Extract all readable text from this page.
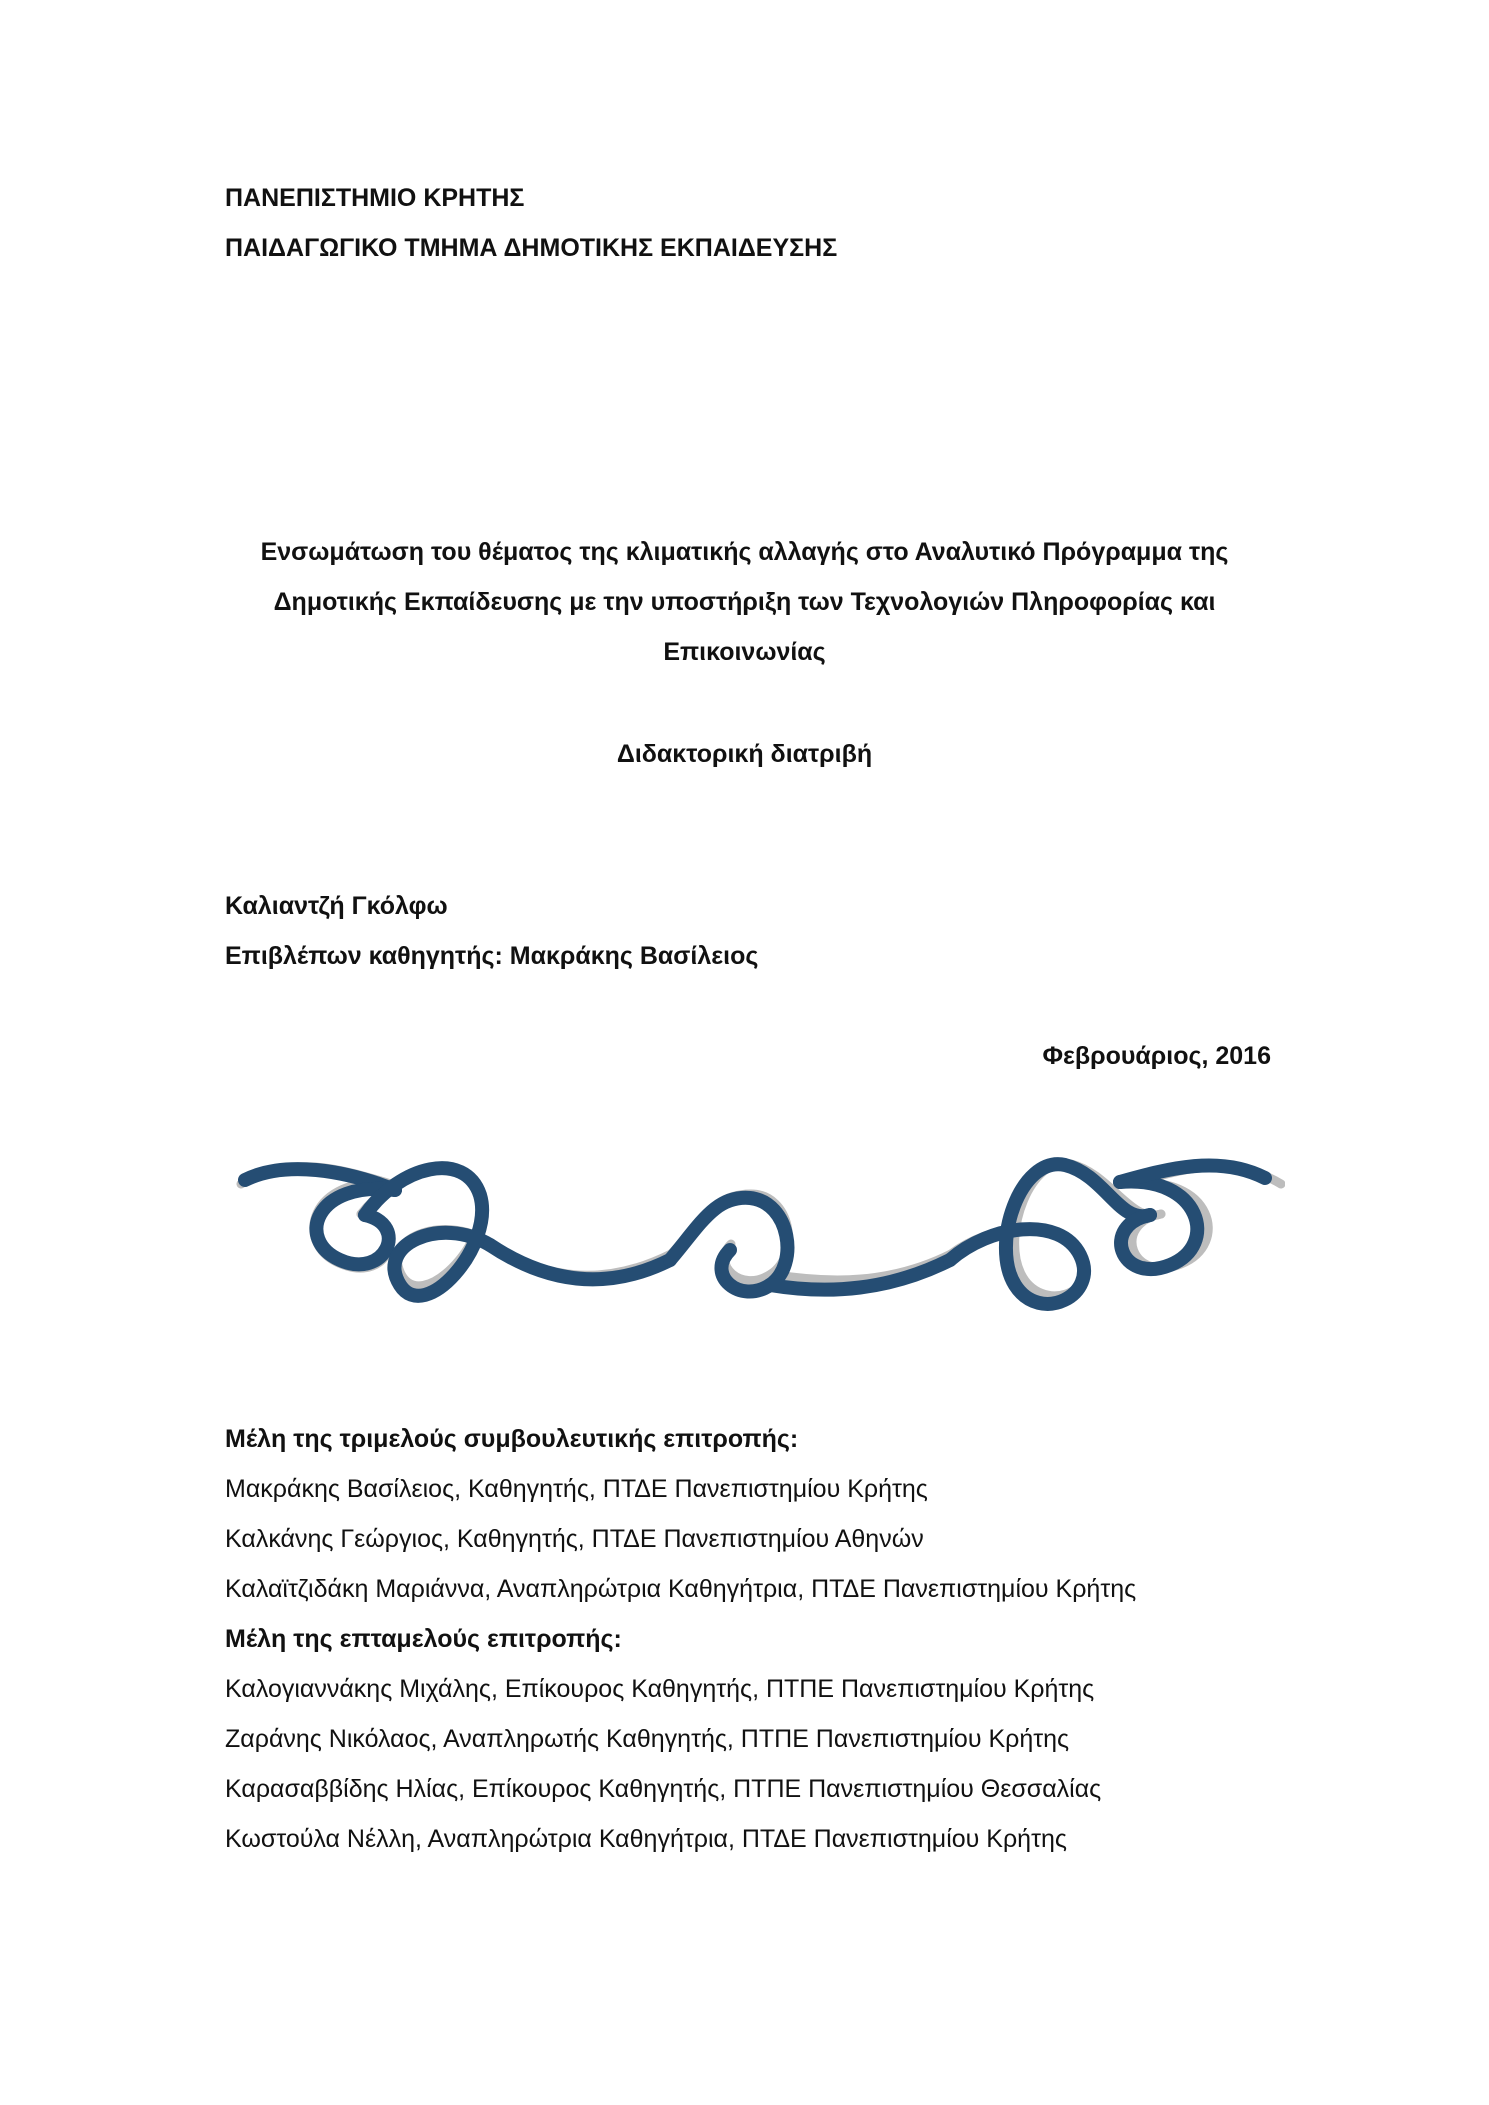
ΠΑΝΕΠΙΣΤΗΜΙΟ ΚΡΗΤΗΣ

ΠΑΙΔΑΓΩΓΙΚΟ ΤΜΗΜΑ ΔΗΜΟΤΙΚΗΣ ΕΚΠΑΙΔΕΥΣΗΣ

Ενσωμάτωση του θέματος της κλιματικής αλλαγής στο Αναλυτικό Πρόγραμμα της

Δημοτικής Εκπαίδευσης με την υποστήριξη των Τεχνολογιών Πληροφορίας και

Επικοινωνίας

Διδακτορική διατριβή

Καλιαντζή Γκόλφω

Επιβλέπων καθηγητής: Μακράκης Βασίλειος

Φεβρουάριος, 2016

Μέλη της τριμελούς συμβουλευτικής επιτροπής:

Μακράκης Βασίλειος, Καθηγητής, ΠΤΔΕ Πανεπιστημίου Κρήτης

Καλκάνης Γεώργιος, Καθηγητής, ΠΤΔΕ Πανεπιστημίου Αθηνών

Καλαϊτζιδάκη Μαριάννα, Αναπληρώτρια Καθηγήτρια, ΠΤΔΕ Πανεπιστημίου Κρήτης

Μέλη της επταμελούς επιτροπής:

Καλογιαννάκης Μιχάλης, Επίκουρος Καθηγητής, ΠΤΠΕ Πανεπιστημίου Κρήτης

Ζαράνης Νικόλαος, Αναπληρωτής Καθηγητής, ΠΤΠΕ Πανεπιστημίου Κρήτης

Καρασαββίδης Ηλίας, Επίκουρος Καθηγητής, ΠΤΠΕ Πανεπιστημίου Θεσσαλίας

Κωστούλα Νέλλη, Αναπληρώτρια Καθηγήτρια, ΠΤΔΕ Πανεπιστημίου Κρήτης
